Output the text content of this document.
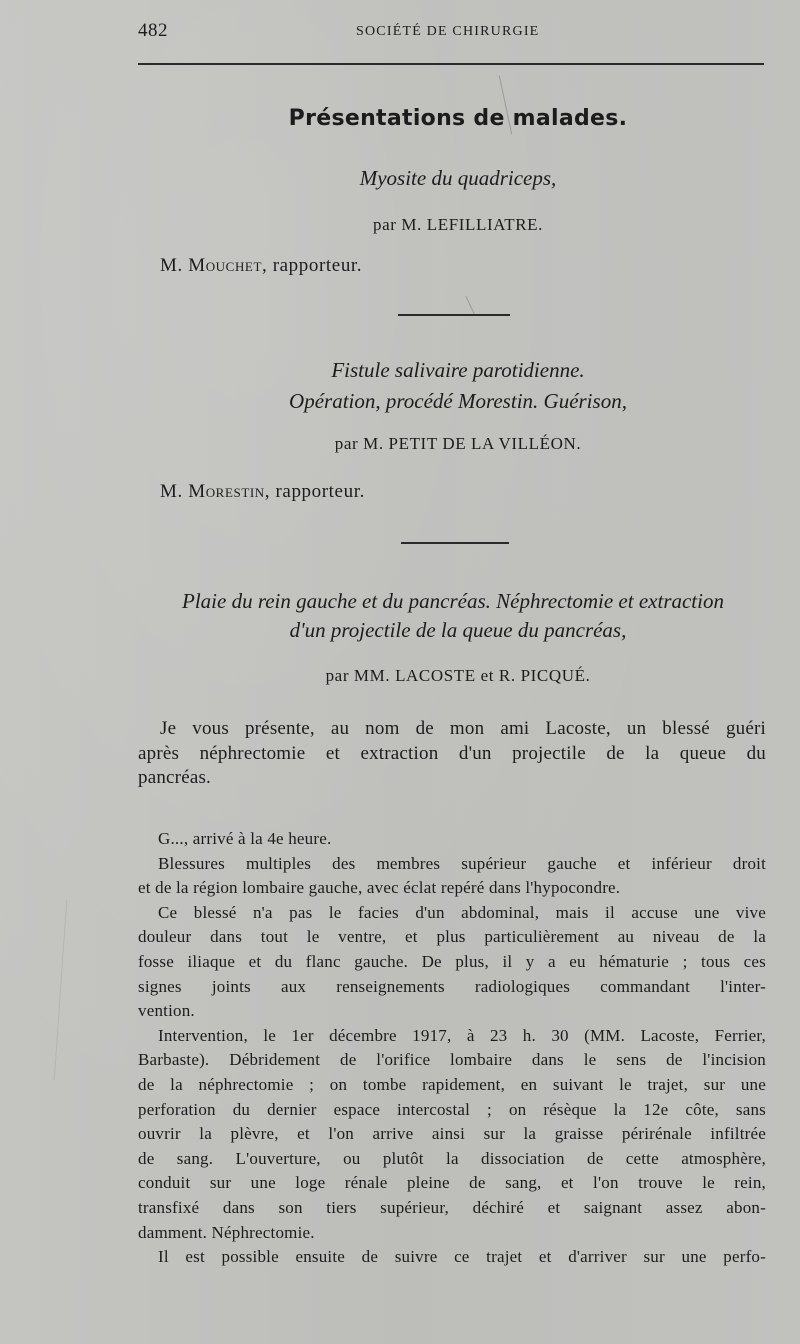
482	SOCIÉTÉ DE CHIRURGIE
Présentations de malades.
Myosite du quadriceps,
par M. LEFILLIATRE.
M. Mouchet, rapporteur.
Fistule salivaire parotidienne.
Opération, procédé Morestin. Guérison,
par M. PETIT DE LA VILLÉON.
M. Morestin, rapporteur.
Plaie du rein gauche et du pancréas. Néphrectomie et extraction
d'un projectile de la queue du pancréas,
par MM. LACOSTE et R. PICQUÉ.
Je vous présente, au nom de mon ami Lacoste, un blessé guéri
après néphrectomie et extraction d'un projectile de la queue du
pancréas.
G..., arrivé à la 4e heure.
Blessures multiples des membres supérieur gauche et inférieur droit
et de la région lombaire gauche, avec éclat repéré dans l'hypocondre.
Ce blessé n'a pas le facies d'un abdominal, mais il accuse une vive
douleur dans tout le ventre, et plus particulièrement au niveau de la
fosse iliaque et du flanc gauche. De plus, il y a eu hématurie ; tous ces
signes joints aux renseignements radiologiques commandant l'inter-
vention.
Intervention, le 1er décembre 1917, à 23 h. 30 (MM. Lacoste, Ferrier,
Barbaste). Débridement de l'orifice lombaire dans le sens de l'incision
de la néphrectomie ; on tombe rapidement, en suivant le trajet, sur une
perforation du dernier espace intercostal ; on résèque la 12e côte, sans
ouvrir la plèvre, et l'on arrive ainsi sur la graisse périrénale infiltrée
de sang. L'ouverture, ou plutôt la dissociation de cette atmosphère,
conduit sur une loge rénale pleine de sang, et l'on trouve le rein,
transfixé dans son tiers supérieur, déchiré et saignant assez abon-
damment. Néphrectomie.
Il est possible ensuite de suivre ce trajet et d'arriver sur une perfo-
